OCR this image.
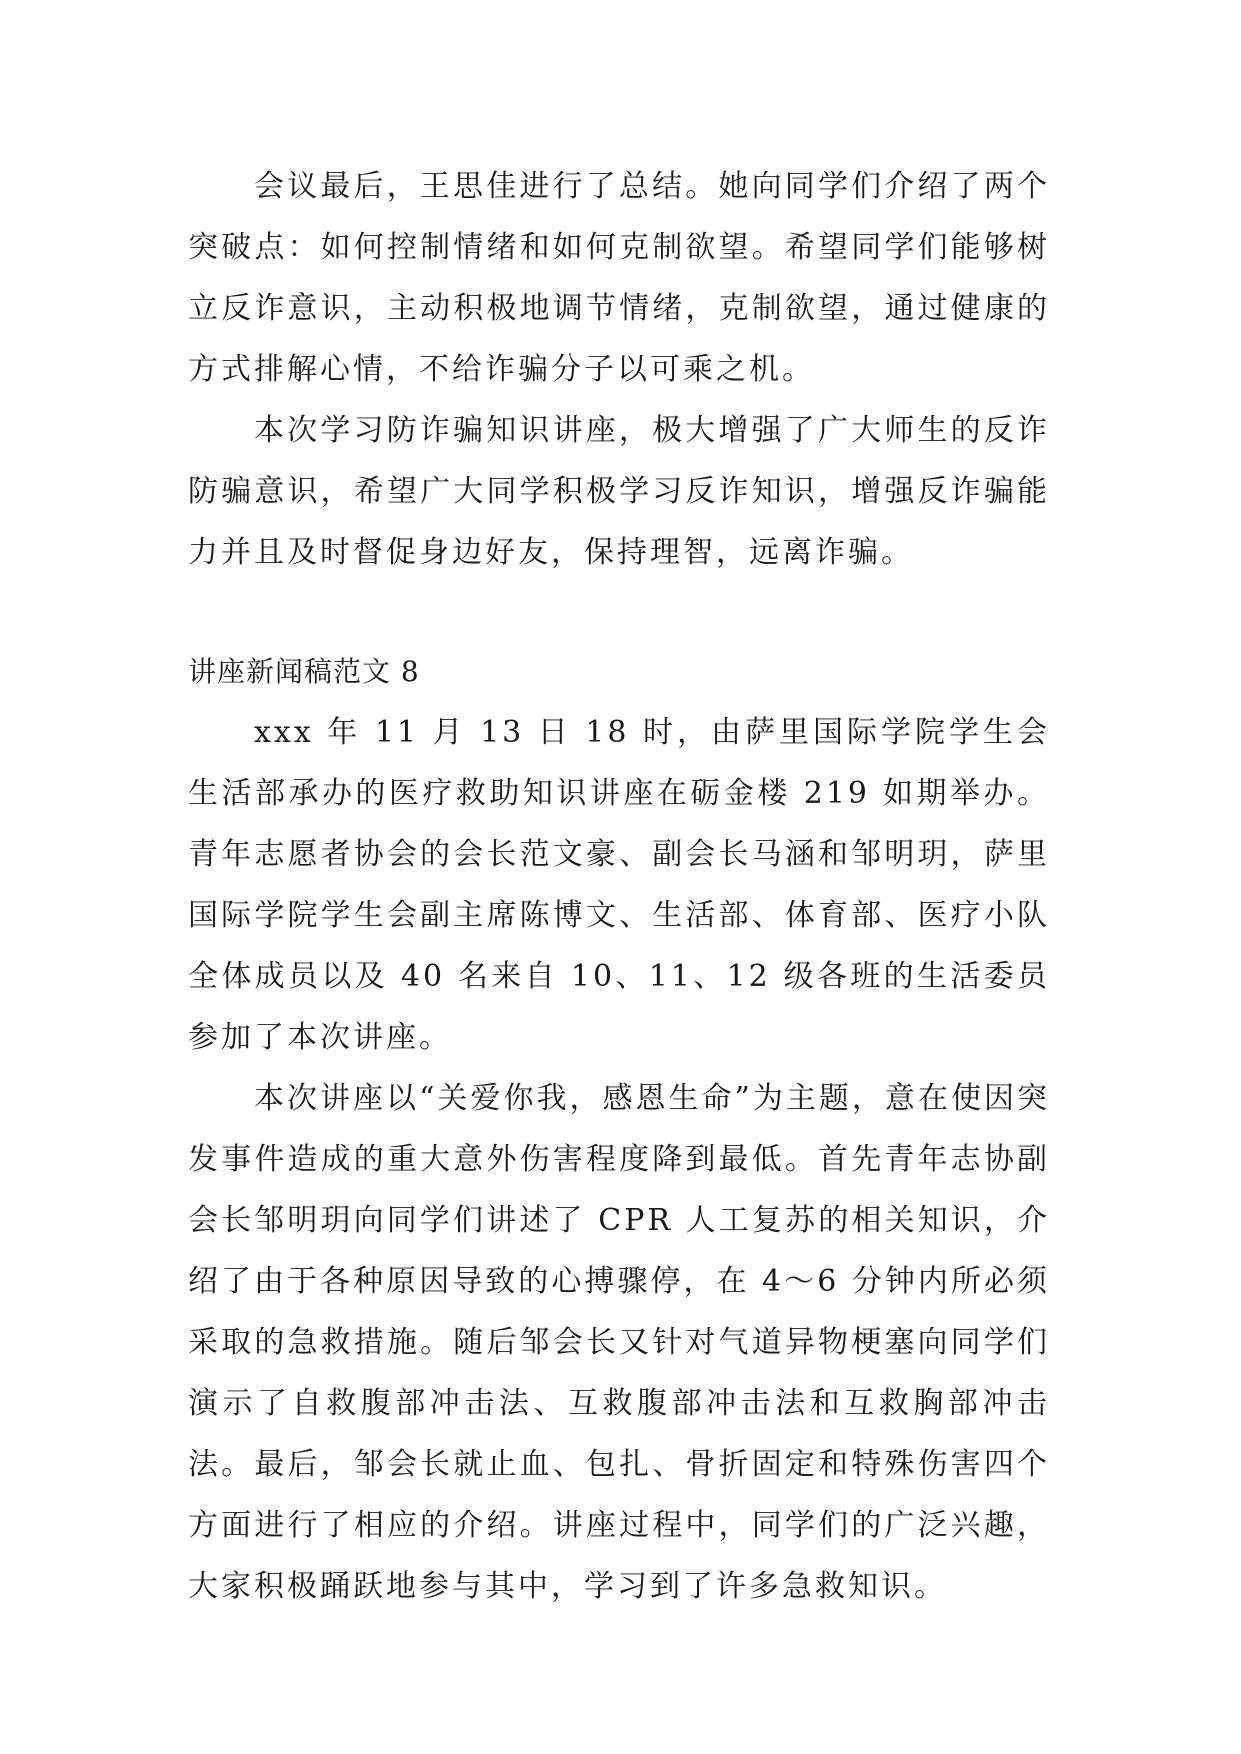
会议最后，王思佳进行了总结。她向同学们介绍了两个突破点：如何控制情绪和如何克制欲望。希望同学们能够树立反诈意识，主动积极地调节情绪，克制欲望，通过健康的方式排解心情，不给诈骗分子以可乘之机。

本次学习防诈骗知识讲座，极大增强了广大师生的反诈防骗意识，希望广大同学积极学习反诈知识，增强反诈骗能力并且及时督促身边好友，保持理智，远离诈骗。

讲座新闻稿范文 8

xxx 年 11 月 13 日 18 时，由萨里国际学院学生会生活部承办的医疗救助知识讲座在砺金楼 219 如期举办。青年志愿者协会的会长范文豪、副会长马涵和邹明玥，萨里国际学院学生会副主席陈博文、生活部、体育部、医疗小队全体成员以及 40 名来自 10、11、12 级各班的生活委员参加了本次讲座。

本次讲座以“关爱你我，感恩生命”为主题，意在使因突发事件造成的重大意外伤害程度降到最低。首先青年志协副会长邹明玥向同学们讲述了 CPR 人工复苏的相关知识，介绍了由于各种原因导致的心搏骤停，在 4～6 分钟内所必须采取的急救措施。随后邹会长又针对气道异物梗塞向同学们演示了自救腹部冲击法、互救腹部冲击法和互救胸部冲击法。最后，邹会长就止血、包扎、骨折固定和特殊伤害四个方面进行了相应的介绍。讲座过程中，同学们的广泛兴趣，大家积极踊跃地参与其中，学习到了许多急救知识。
